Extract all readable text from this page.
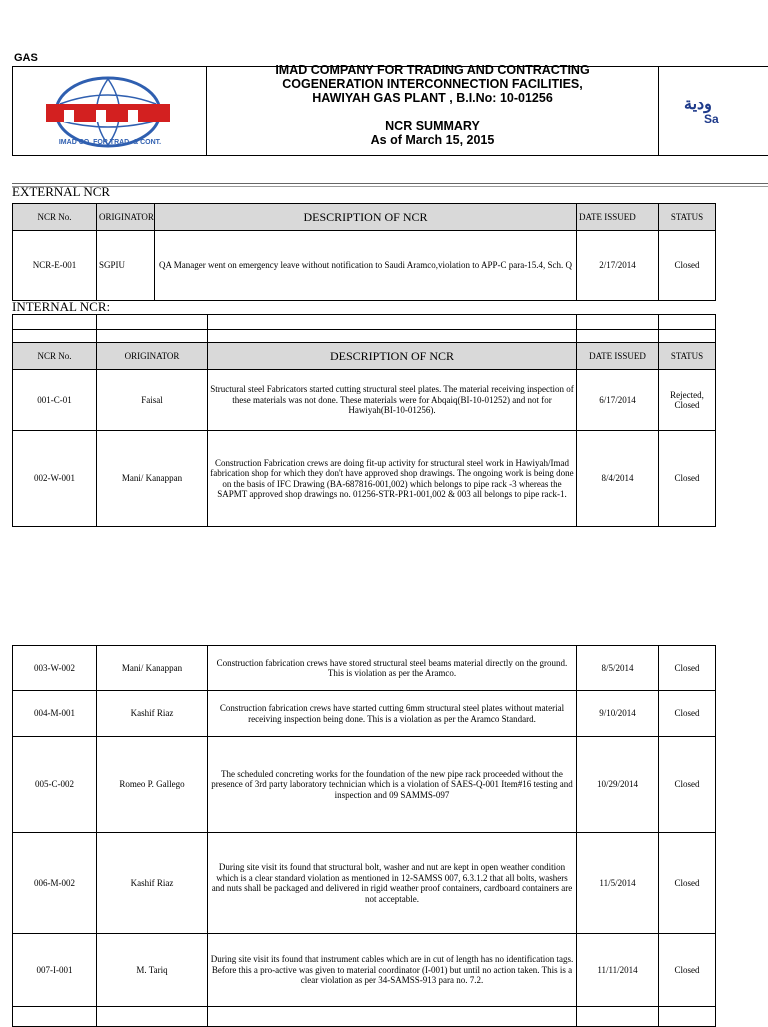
GAS
IMAD CO. FOR TRAD. & CONT.
IMAD COMPANY FOR TRADING AND CONTRACTING
COGENERATION INTERCONNECTION FACILITIES,
HAWIYAH GAS PLANT , B.I.No: 10-01256
NCR SUMMARY
As of March 15, 2015
ودية
Sa
EXTERNAL NCR
NCR No.	ORIGINATOR	DESCRIPTION OF NCR	DATE ISSUED	STATUS
NCR-E-001	SGPIU	QA Manager went on emergency leave without notification to Saudi Aramco,violation to APP-C para-15.4, Sch. Q	2/17/2014	Closed
INTERNAL NCR:

NCR No.	ORIGINATOR	DESCRIPTION OF NCR	DATE ISSUED	STATUS
001-C-01	Faisal	Structural steel Fabricators started cutting structural steel plates. The material receiving inspection of these materials was not done. These materials were for Abqaiq(BI-10-01252) and not for Hawiyah(BI-10-01256).	6/17/2014	Rejected, Closed
002-W-001	Mani/ Kanappan	Construction Fabrication crews are doing fit-up activity for structural steel work in Hawiyah/Imad fabrication shop for which they don't have approved shop drawings. The ongoing work is being done on the basis of IFC Drawing (BA-687816-001,002) which belongs to pipe rack -3 whereas the SAPMT approved shop drawings no. 01256-STR-PR1-001,002 & 003 all belongs to pipe rack-1.	8/4/2014	Closed
003-W-002	Mani/ Kanappan	Construction fabrication crews have stored structural steel beams material directly on the ground. This is violation as per the Aramco.	8/5/2014	Closed
004-M-001	Kashif Riaz	Construction fabrication crews have started cutting 6mm structural steel plates without material receiving inspection being done. This is a violation as per the Aramco Standard.	9/10/2014	Closed
005-C-002	Romeo P. Gallego	The scheduled concreting works for the foundation of the new pipe rack proceeded without the presence of 3rd party laboratory technician which is a violation of SAES-Q-001 Item#16 testing and inspection and 09 SAMMS-097	10/29/2014	Closed
006-M-002	Kashif Riaz	During site visit its found that structural bolt, washer and nut are kept in open weather condition which is a clear standard violation as mentioned in 12-SAMSS 007, 6.3.1.2 that all bolts, washers and nuts shall be packaged and delivered in rigid weather proof containers, cardboard containers are not acceptable.	11/5/2014	Closed
007-I-001	M. Tariq	During site visit its found that instrument cables which are in cut of length has no identification tags. Before this a pro-active was given to material coordinator (I-001) but until no action taken. This is a clear violation as per 34-SAMSS-913 para no. 7.2.	11/11/2014	Closed
